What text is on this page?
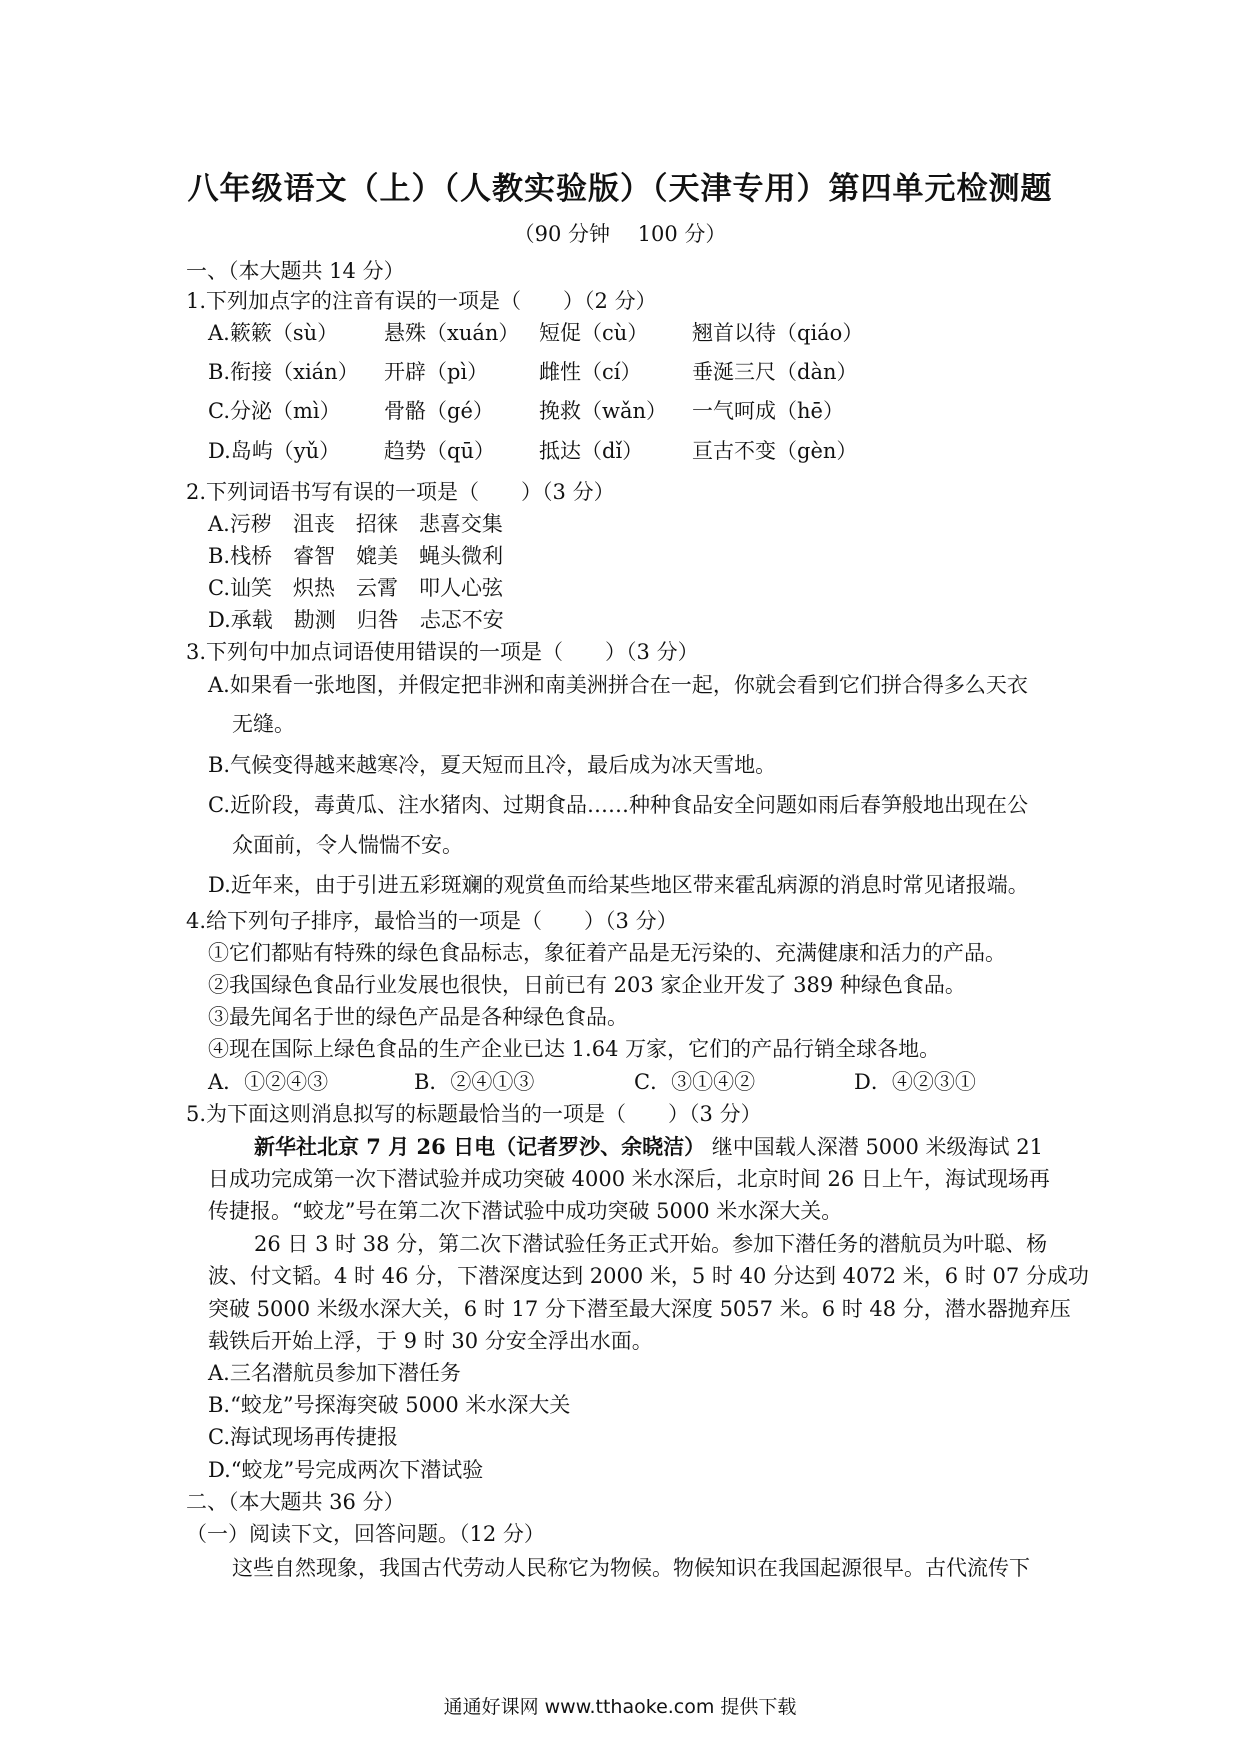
八年级语文（上）（人教实验版）（天津专用）第四单元检测题
（90 分钟　 100 分）
一、（本大题共 14 分）
1.下列加点字的注音有误的一项是（　　）（2 分）
A.簌簌（sù） 悬殊（xuán） 短促（cù） 翘首以待（qiáo）
B.衔接（xián） 开辟（pì） 雌性（cí） 垂涎三尺（dàn）
C.分泌（mì） 骨骼（gé） 挽救（wǎn） 一气呵成（hē）
D.岛屿（yǔ） 趋势（qū） 抵达（dǐ） 亘古不变（gèn）
2.下列词语书写有误的一项是（　　）（3 分）
A.污秽　沮丧　招徕　悲喜交集
B.栈桥　睿智　媲美　蝇头微利
C.讪笑　炽热　云霄　叩人心弦
D.承载　勘测　归咎　忐忑不安
3.下列句中加点词语使用错误的一项是（　　）（3 分）
A.如果看一张地图，并假定把非洲和南美洲拼合在一起，你就会看到它们拼合得多么天衣
无缝。
B.气候变得越来越寒冷，夏天短而且冷，最后成为冰天雪地。
C.近阶段，毒黄瓜、注水猪肉、过期食品……种种食品安全问题如雨后春笋般地出现在公
众面前，令人惴惴不安。
D.近年来，由于引进五彩斑斓的观赏鱼而给某些地区带来霍乱病源的消息时常见诸报端。
4.给下列句子排序，最恰当的一项是（　　）（3 分）
①它们都贴有特殊的绿色食品标志，象征着产品是无污染的、充满健康和活力的产品。
②我国绿色食品行业发展也很快，日前已有 203 家企业开发了 389 种绿色食品。
③最先闻名于世的绿色产品是各种绿色食品。
④现在国际上绿色食品的生产企业已达 1.64 万家，它们的产品行销全球各地。
A．①②④③	B．②④①③	C．③①④②	D．④②③①
5.为下面这则消息拟写的标题最恰当的一项是（　　）（3 分）
新华社北京 7 月 26 日电（记者罗沙、余晓洁） 继中国载人深潜 5000 米级海试 21
日成功完成第一次下潜试验并成功突破 4000 米水深后，北京时间 26 日上午，海试现场再
传捷报。“蛟龙”号在第二次下潜试验中成功突破 5000 米水深大关。
26 日 3 时 38 分，第二次下潜试验任务正式开始。参加下潜任务的潜航员为叶聪、杨
波、付文韬。4 时 46 分，下潜深度达到 2000 米，5 时 40 分达到 4072 米，6 时 07 分成功
突破 5000 米级水深大关，6 时 17 分下潜至最大深度 5057 米。6 时 48 分，潜水器抛弃压
载铁后开始上浮，于 9 时 30 分安全浮出水面。
A.三名潜航员参加下潜任务
B.“蛟龙”号探海突破 5000 米水深大关
C.海试现场再传捷报
D.“蛟龙”号完成两次下潜试验
二、（本大题共 36 分）
（一）阅读下文，回答问题。（12 分）
这些自然现象，我国古代劳动人民称它为物候。物候知识在我国起源很早。古代流传下
通通好课网 www.tthaoke.com 提供下载
